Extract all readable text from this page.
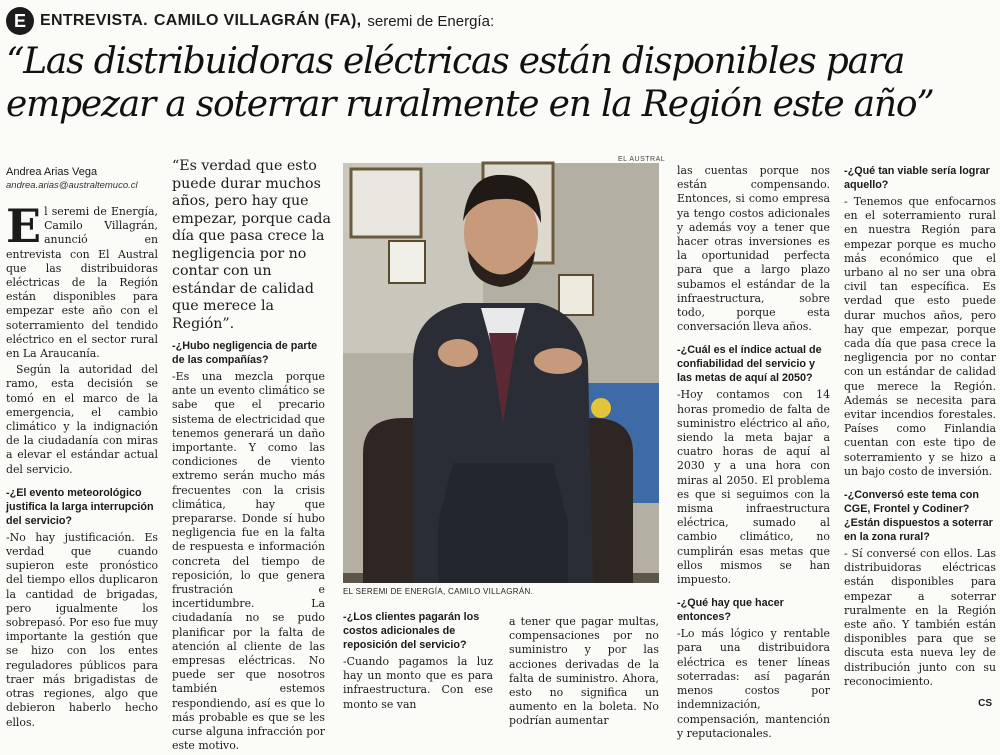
E ENTREVISTA. CAMILO VILLAGRÁN (FA), seremi de Energía:
“Las distribuidoras eléctricas están disponibles para empezar a soterrar ruralmente en la Región este año”
Andrea Arias Vega
andrea.arias@australtemuco.cl

El seremi de Energía, Camilo Villagrán, anunció en entrevista con El Austral que las distribuidoras eléctricas de la Región están disponibles para empezar este año con el soterramiento del tendido eléctrico en el sector rural en La Araucanía.

Según la autoridad del ramo, esta decisión se tomó en el marco de la emergencia, el cambio climático y la indignación de la ciudadanía con miras a elevar el estándar actual del servicio.

-¿El evento meteorológico justifica la larga interrupción del servicio?

-No hay justificación. Es verdad que cuando supieron este pronóstico del tiempo ellos duplicaron la cantidad de brigadas, pero igualmente los sobrepasó. Por eso fue muy importante la gestión que se hizo con los entes reguladores públicos para traer más brigadistas de otras regiones, algo que debieron haberlo hecho ellos.

“Es verdad que esto puede durar muchos años, pero hay que empezar, porque cada día que pasa crece la negligencia por no contar con un estándar de calidad que merece la Región”.
-¿Hubo negligencia de parte de las compañías?

-Es una mezcla porque ante un evento climático se sabe que el precario sistema de electricidad que tenemos generará un daño importante. Y como las condiciones de viento extremo serán mucho más frecuentes con la crisis climática, hay que prepararse. Donde sí hubo negligencia fue en la falta de respuesta e información concreta del tiempo de reposición, lo que genera frustración e incertidumbre. La ciudadanía no se pudo planificar por la falta de atención al cliente de las empresas eléctricas. No puede ser que nosotros también estemos respondiendo, así es que lo más probable es que se les curse alguna infracción por este motivo.

EL AUSTRAL
EL SEREMI DE ENERGÍA, CAMILO VILLAGRÁN.
-¿Los clientes pagarán los costos adicionales de reposición del servicio?

-Cuando pagamos la luz hay un monto que es para infraestructura. Con ese monto se van

a tener que pagar multas, compensaciones por no suministro y por las acciones derivadas de la falta de suministro. Ahora, esto no significa un aumento en la boleta. No podrían aumentar

las cuentas porque nos están compensando. Entonces, si como empresa ya tengo costos adicionales y además voy a tener que hacer otras inversiones es la oportunidad perfecta para que a largo plazo subamos el estándar de la infraestructura, sobre todo, porque esta conversación lleva años.

-¿Cuál es el índice actual de confiabilidad del servicio y las metas de aquí al 2050?

-Hoy contamos con 14 horas promedio de falta de suministro eléctrico al año, siendo la meta bajar a cuatro horas de aquí al 2030 y a una hora con miras al 2050. El problema es que si seguimos con la misma infraestructura eléctrica, sumado al cambio climático, no cumplirán esas metas que ellos mismos se han impuesto.

-¿Qué hay que hacer entonces?

-Lo más lógico y rentable para una distribuidora eléctrica es tener líneas soterradas: así pagarán menos costos por indemnización, compensación, mantención y reputacionales.

-¿Qué tan viable sería lograr aquello?

- Tenemos que enfocarnos en el soterramiento rural en nuestra Región para empezar porque es mucho más económico que el urbano al no ser una obra civil tan específica. Es verdad que esto puede durar muchos años, pero hay que empezar, porque cada día que pasa crece la negligencia por no contar con un estándar de calidad que merece la Región. Además se necesita para evitar incendios forestales. Países como Finlandia cuentan con este tipo de soterramiento y se hizo a un bajo costo de inversión.

-¿Conversó este tema con CGE, Frontel y Codiner? ¿Están dispuestos a soterrar en la zona rural?

- Sí conversé con ellos. Las distribuidoras eléctricas están disponibles para empezar a soterrar ruralmente en la Región este año. Y también están disponibles para que se discuta esta nueva ley de distribución junto con su reconocimiento.

CS
